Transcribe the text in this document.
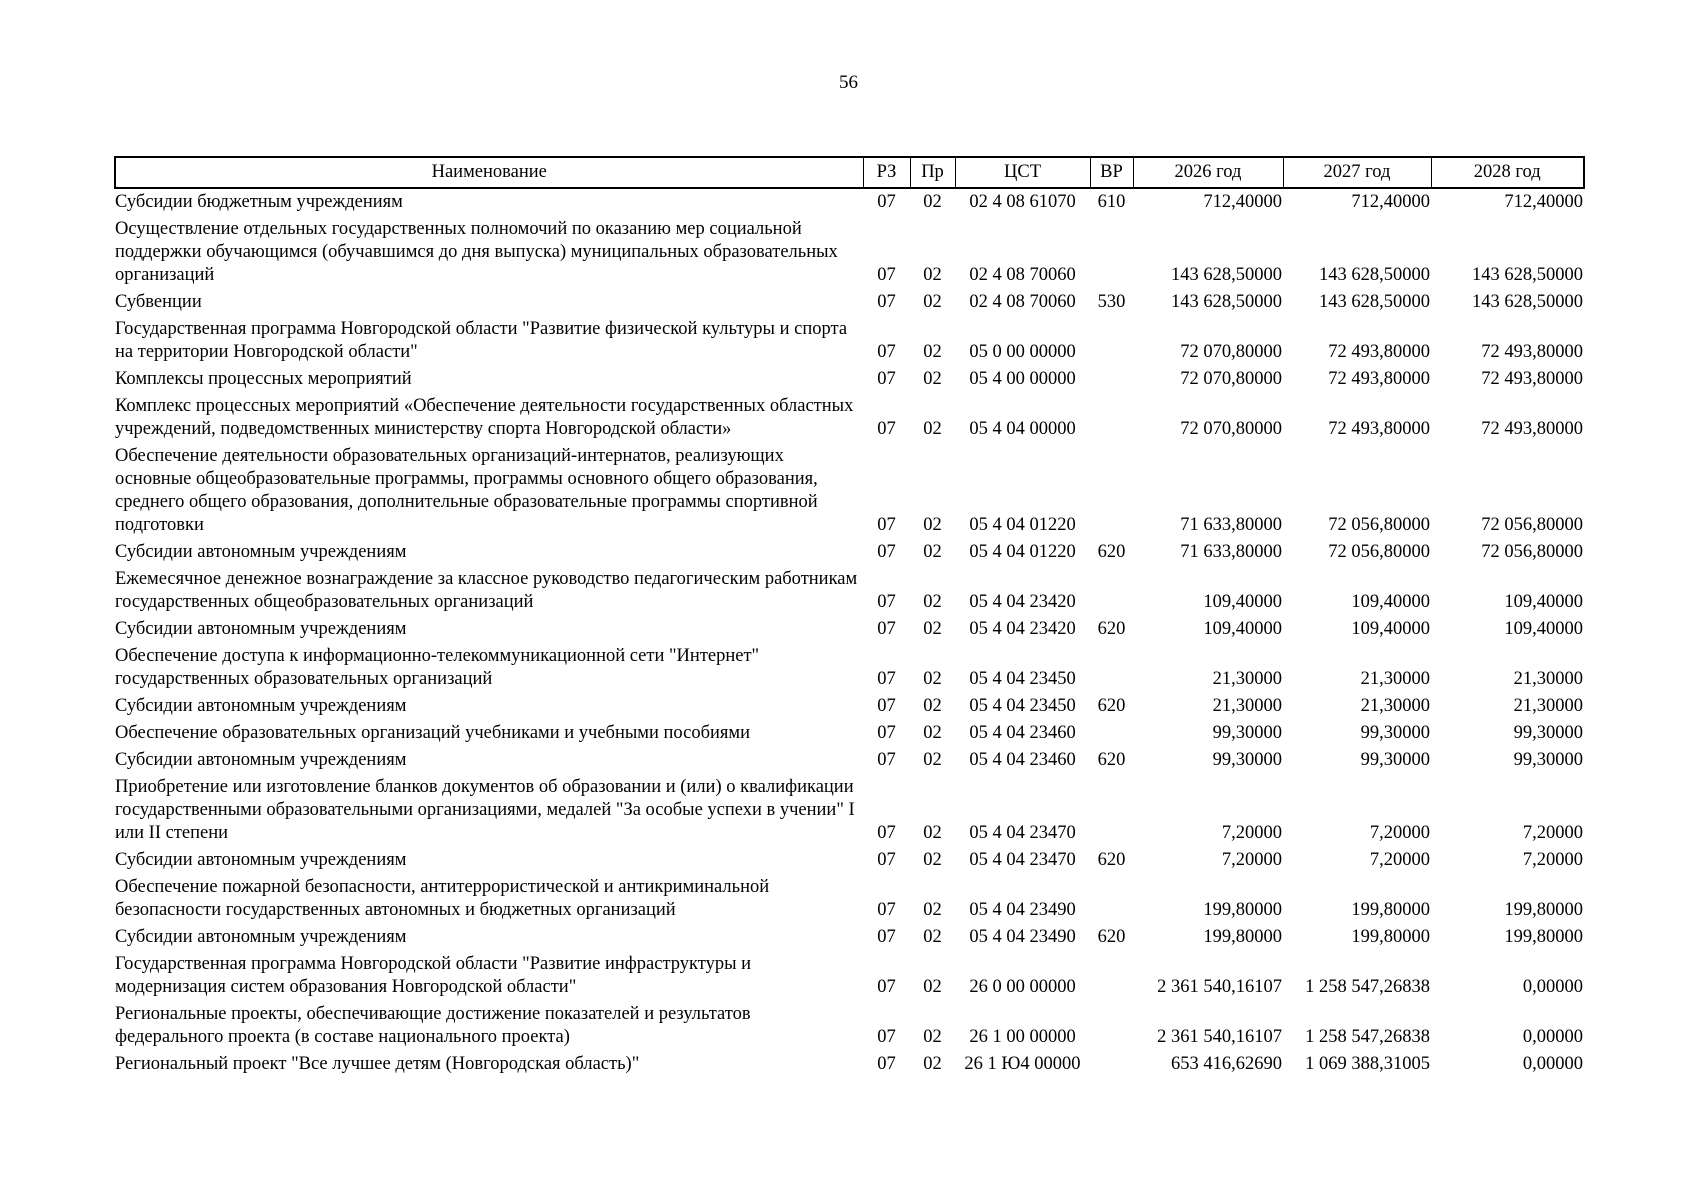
56
Наименование	РЗ	Пр	ЦСТ	ВР	2026 год	2027 год	2028 год
Субсидии бюджетным учреждениям	07	02	02 4 08 61070	610	712,40000	712,40000	712,40000
Осуществление отдельных государственных полномочий по оказанию мер социальной поддержки обучающимся (обучавшимся до дня выпуска) муниципальных образовательных организаций	07	02	02 4 08 70060		143 628,50000	143 628,50000	143 628,50000
Субвенции	07	02	02 4 08 70060	530	143 628,50000	143 628,50000	143 628,50000
Государственная программа Новгородской области "Развитие физической культуры и спорта на территории Новгородской области"	07	02	05 0 00 00000		72 070,80000	72 493,80000	72 493,80000
Комплексы процессных мероприятий	07	02	05 4 00 00000		72 070,80000	72 493,80000	72 493,80000
Комплекс процессных мероприятий «Обеспечение деятельности государственных областных учреждений, подведомственных министерству спорта Новгородской области»	07	02	05 4 04 00000		72 070,80000	72 493,80000	72 493,80000
Обеспечение деятельности образовательных организаций-интернатов, реализующих основные общеобразовательные программы, программы основного общего образования, среднего общего образования, дополнительные образовательные программы спортивной подготовки	07	02	05 4 04 01220		71 633,80000	72 056,80000	72 056,80000
Субсидии автономным учреждениям	07	02	05 4 04 01220	620	71 633,80000	72 056,80000	72 056,80000
Ежемесячное денежное вознаграждение за классное руководство педагогическим работникам государственных общеобразовательных организаций	07	02	05 4 04 23420		109,40000	109,40000	109,40000
Субсидии автономным учреждениям	07	02	05 4 04 23420	620	109,40000	109,40000	109,40000
Обеспечение доступа к информационно-телекоммуникационной сети "Интернет" государственных образовательных организаций	07	02	05 4 04 23450		21,30000	21,30000	21,30000
Субсидии автономным учреждениям	07	02	05 4 04 23450	620	21,30000	21,30000	21,30000
Обеспечение образовательных организаций учебниками и учебными пособиями	07	02	05 4 04 23460		99,30000	99,30000	99,30000
Субсидии автономным учреждениям	07	02	05 4 04 23460	620	99,30000	99,30000	99,30000
Приобретение или изготовление бланков документов об образовании и (или) о квалификации государственными образовательными организациями, медалей "За особые успехи в учении" I или II степени	07	02	05 4 04 23470		7,20000	7,20000	7,20000
Субсидии автономным учреждениям	07	02	05 4 04 23470	620	7,20000	7,20000	7,20000
Обеспечение пожарной безопасности, антитеррористической и антикриминальной безопасности государственных автономных и бюджетных организаций	07	02	05 4 04 23490		199,80000	199,80000	199,80000
Субсидии автономным учреждениям	07	02	05 4 04 23490	620	199,80000	199,80000	199,80000
Государственная программа Новгородской области "Развитие инфраструктуры и модернизация систем образования Новгородской области"	07	02	26 0 00 00000		2 361 540,16107	1 258 547,26838	0,00000
Региональные проекты, обеспечивающие достижение показателей и результатов федерального проекта (в составе национального проекта)	07	02	26 1 00 00000		2 361 540,16107	1 258 547,26838	0,00000
Региональный проект "Все лучшее детям (Новгородская область)"	07	02	26 1 Ю4 00000		653 416,62690	1 069 388,31005	0,00000
